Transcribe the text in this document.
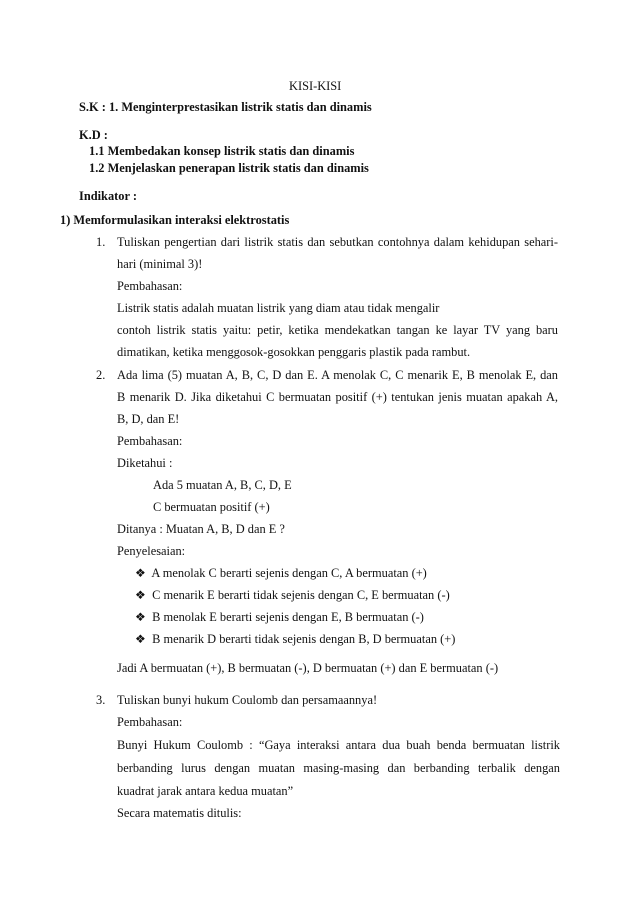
KISI-KISI
S.K : 1. Menginterprestasikan listrik statis dan dinamis
K.D :
1.1 Membedakan konsep listrik statis dan dinamis
1.2 Menjelaskan penerapan listrik statis dan dinamis
Indikator :
1) Memformulasikan interaksi elektrostatis
1. Tuliskan pengertian dari listrik statis dan sebutkan contohnya dalam kehidupan sehari-
hari (minimal 3)!
Pembahasan:
Listrik statis adalah muatan listrik yang diam atau tidak mengalir
contoh listrik statis yaitu: petir, ketika mendekatkan tangan ke layar TV yang baru
dimatikan, ketika menggosok-gosokkan penggaris plastik pada rambut.
2. Ada lima (5) muatan A, B, C, D dan E. A menolak C, C menarik E, B menolak E, dan
B menarik D. Jika diketahui C bermuatan positif (+) tentukan jenis muatan apakah A,
B, D, dan E!
Pembahasan:
Diketahui :
Ada 5 muatan A, B, C, D, E
C bermuatan positif (+)
Ditanya : Muatan A, B, D dan E ?
Penyelesaian:
❖ A menolak C berarti sejenis dengan C, A bermuatan (+)
❖ C menarik E berarti tidak sejenis dengan C, E bermuatan (-)
❖ B menolak E berarti sejenis dengan E, B bermuatan (-)
❖ B menarik D berarti tidak sejenis dengan B, D bermuatan (+)
Jadi A bermuatan (+), B bermuatan (-), D bermuatan (+) dan E bermuatan (-)
3. Tuliskan bunyi hukum Coulomb dan persamaannya!
Pembahasan:
Bunyi Hukum Coulomb : “Gaya interaksi antara dua buah benda bermuatan listrik
berbanding lurus dengan muatan masing-masing dan berbanding terbalik dengan
kuadrat jarak antara kedua muatan”
Secara matematis ditulis:
